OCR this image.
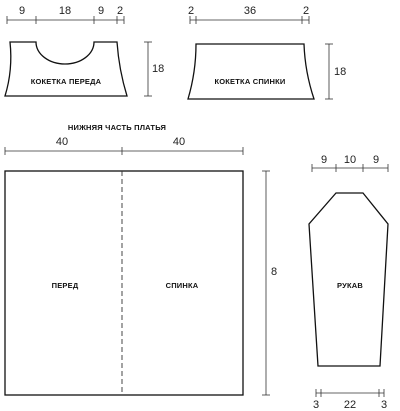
9	18 9 2
КОКЕТКА ПЕРЕДА
18
2	36	2
КОКЕТКА СПИНКИ
18
НИЖНЯЯ ЧАСТЬ ПЛАТЬЯ
40	40
ПЕРЕД	СПИНКА
8
9 10 9
РУКАВ
3 22 3
